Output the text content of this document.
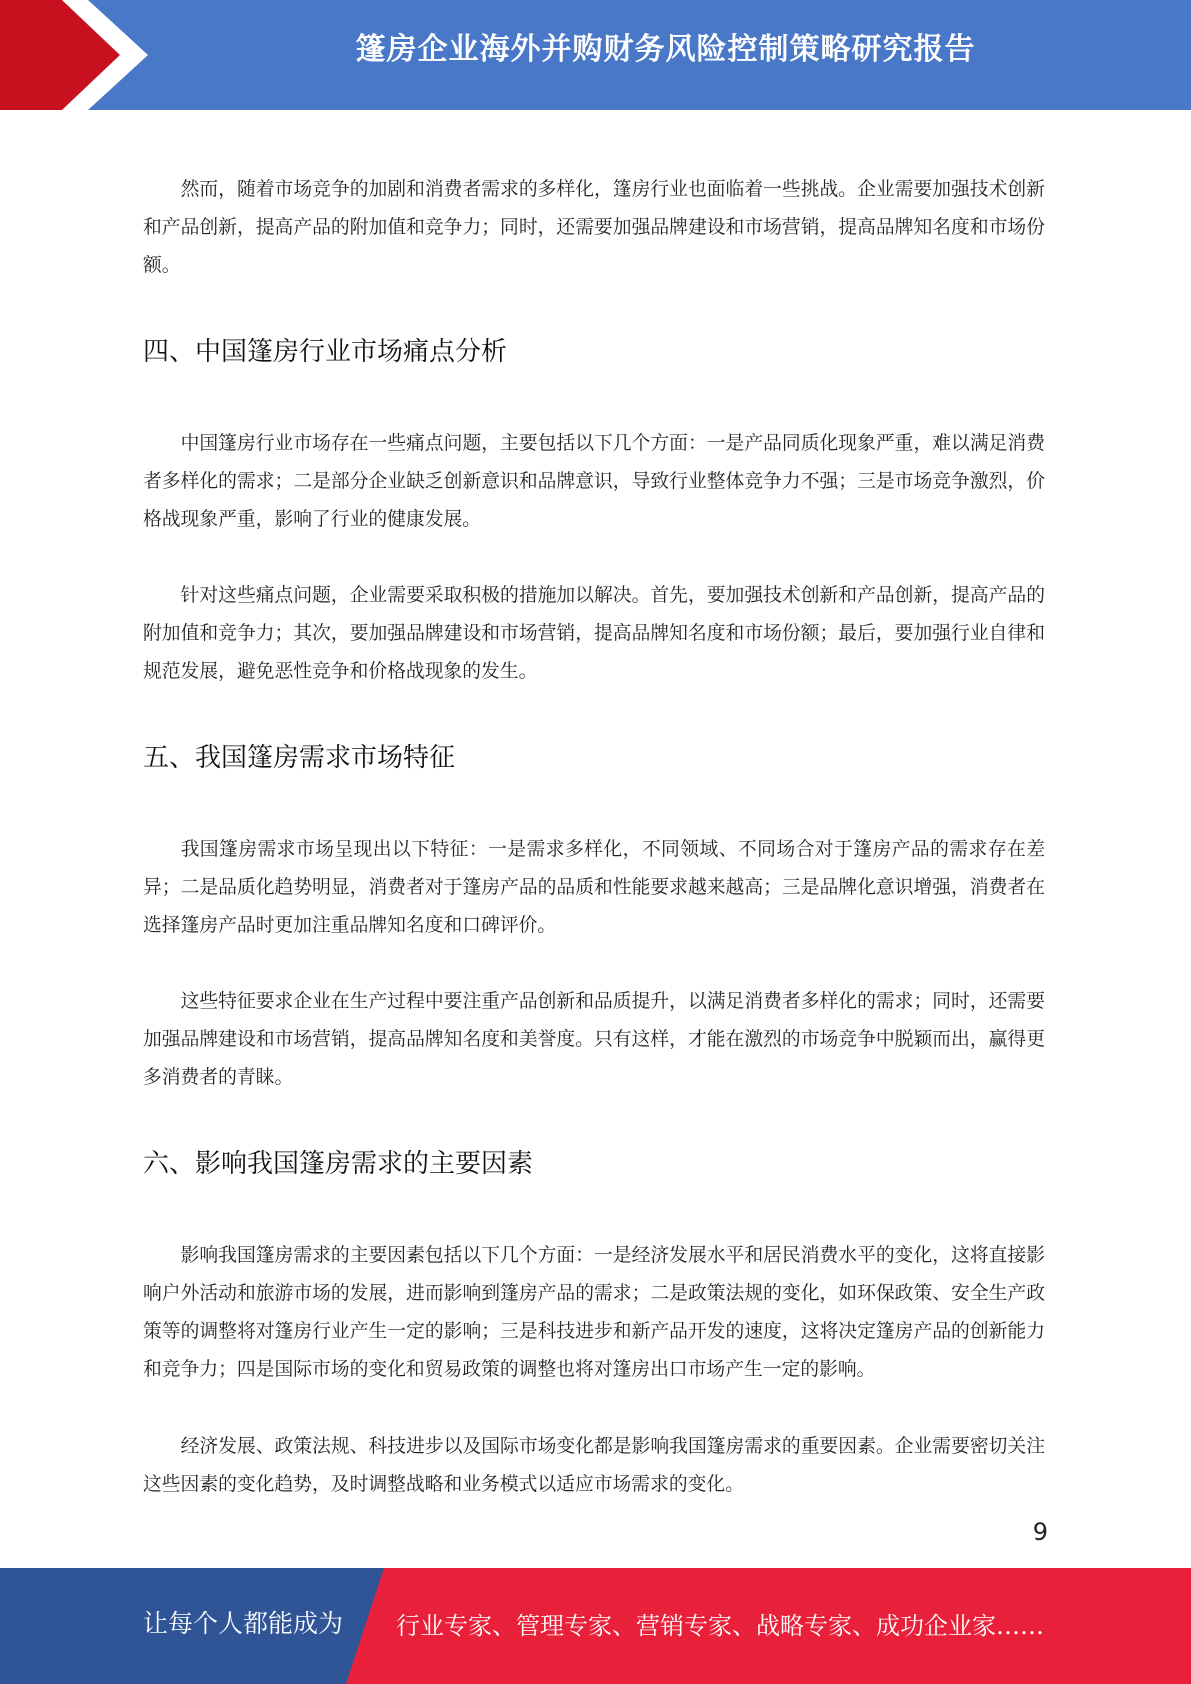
篷房企业海外并购财务风险控制策略研究报告

然而，随着市场竞争的加剧和消费者需求的多样化，篷房行业也面临着一些挑战。企业需要加强技术创新和产品创新，提高产品的附加值和竞争力；同时，还需要加强品牌建设和市场营销，提高品牌知名度和市场份额。

四、中国篷房行业市场痛点分析

中国篷房行业市场存在一些痛点问题，主要包括以下几个方面：一是产品同质化现象严重，难以满足消费者多样化的需求；二是部分企业缺乏创新意识和品牌意识，导致行业整体竞争力不强；三是市场竞争激烈，价格战现象严重，影响了行业的健康发展。

针对这些痛点问题，企业需要采取积极的措施加以解决。首先，要加强技术创新和产品创新，提高产品的附加值和竞争力；其次，要加强品牌建设和市场营销，提高品牌知名度和市场份额；最后，要加强行业自律和规范发展，避免恶性竞争和价格战现象的发生。

五、我国篷房需求市场特征

我国篷房需求市场呈现出以下特征：一是需求多样化，不同领域、不同场合对于篷房产品的需求存在差异；二是品质化趋势明显，消费者对于篷房产品的品质和性能要求越来越高；三是品牌化意识增强，消费者在选择篷房产品时更加注重品牌知名度和口碑评价。

这些特征要求企业在生产过程中要注重产品创新和品质提升，以满足消费者多样化的需求；同时，还需要加强品牌建设和市场营销，提高品牌知名度和美誉度。只有这样，才能在激烈的市场竞争中脱颖而出，赢得更多消费者的青睐。

六、影响我国篷房需求的主要因素

影响我国篷房需求的主要因素包括以下几个方面：一是经济发展水平和居民消费水平的变化，这将直接影响户外活动和旅游市场的发展，进而影响到篷房产品的需求；二是政策法规的变化，如环保政策、安全生产政策等的调整将对篷房行业产生一定的影响；三是科技进步和新产品开发的速度，这将决定篷房产品的创新能力和竞争力；四是国际市场的变化和贸易政策的调整也将对篷房出口市场产生一定的影响。

经济发展、政策法规、科技进步以及国际市场变化都是影响我国篷房需求的重要因素。企业需要密切关注这些因素的变化趋势，及时调整战略和业务模式以适应市场需求的变化。

9
让每个人都能成为 行业专家、管理专家、营销专家、战略专家、成功企业家……
